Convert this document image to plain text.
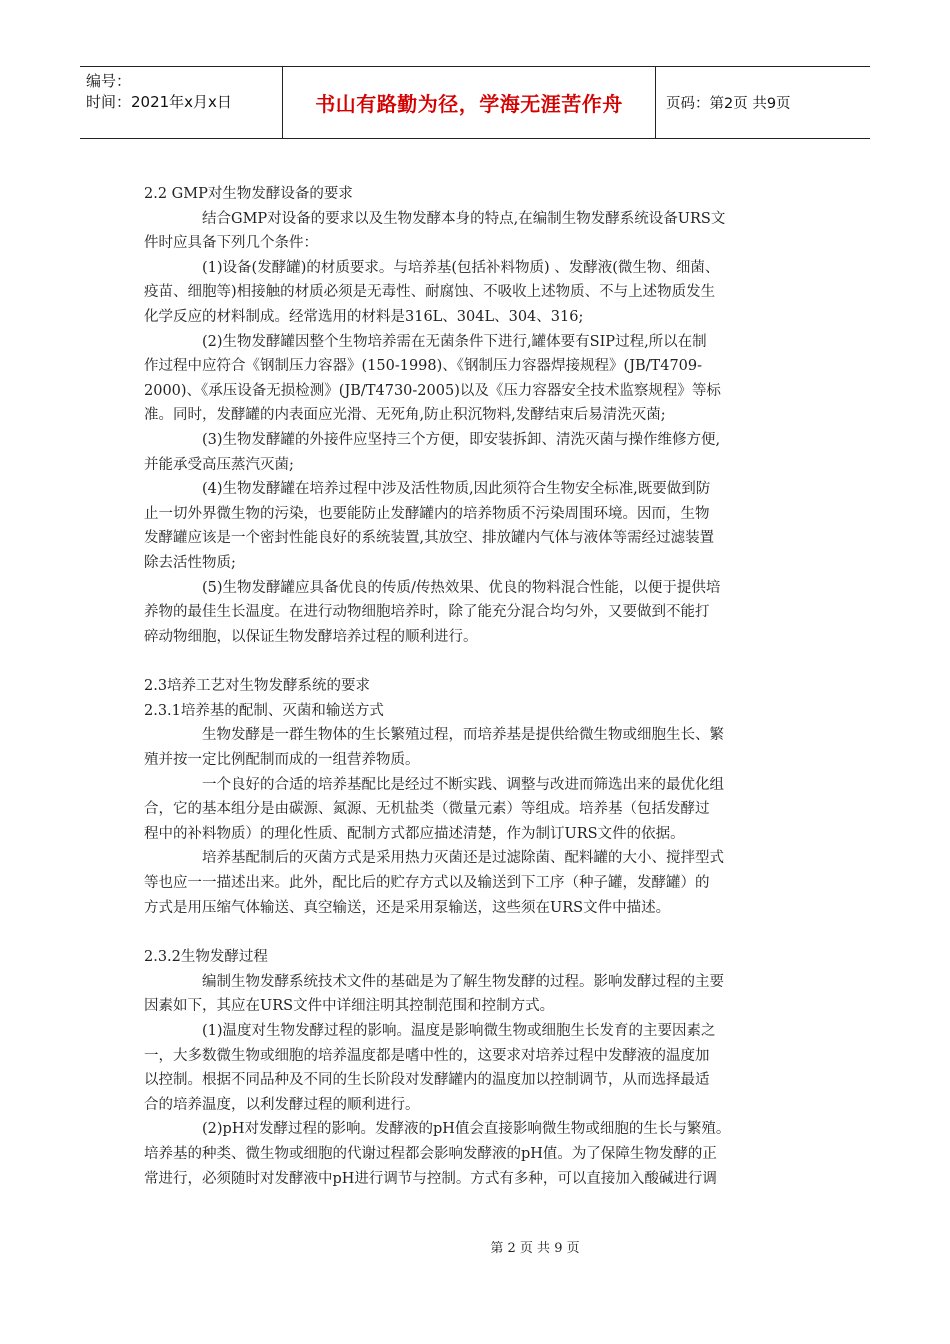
编号：
时间：2021年x月x日	书山有路勤为径，学海无涯苦作舟	页码：第2页 共9页
2.2 GMP对生物发酵设备的要求
结合GMP对设备的要求以及生物发酵本身的特点,在编制生物发酵系统设备URS文
件时应具备下列几个条件：
(1)设备(发酵罐)的材质要求。与培养基(包括补料物质) 、发酵液(微生物、细菌、
疫苗、细胞等)相接触的材质必须是无毒性、耐腐蚀、不吸收上述物质、不与上述物质发生
化学反应的材料制成。经常选用的材料是316L、304L、304、316;
(2)生物发酵罐因整个生物培养需在无菌条件下进行,罐体要有SIP过程,所以在制
作过程中应符合《钢制压力容器》(150-1998)、《钢制压力容器焊接规程》(JB/T4709-
2000)、《承压设备无损检测》(JB/T4730-2005)以及《压力容器安全技术监察规程》等标
准。同时，发酵罐的内表面应光滑、无死角,防止积沉物料,发酵结束后易清洗灭菌;
(3)生物发酵罐的外接件应坚持三个方便，即安装拆卸、清洗灭菌与操作维修方便,
并能承受高压蒸汽灭菌;
(4)生物发酵罐在培养过程中涉及活性物质,因此须符合生物安全标准,既要做到防
止一切外界微生物的污染，也要能防止发酵罐内的培养物质不污染周围环境。因而，生物
发酵罐应该是一个密封性能良好的系统装置,其放空、排放罐内气体与液体等需经过滤装置
除去活性物质;
(5)生物发酵罐应具备优良的传质/传热效果、优良的物料混合性能，以便于提供培
养物的最佳生长温度。在进行动物细胞培养时，除了能充分混合均匀外，又要做到不能打
碎动物细胞，以保证生物发酵培养过程的顺利进行。
2.3培养工艺对生物发酵系统的要求
2.3.1培养基的配制、灭菌和输送方式
生物发酵是一群生物体的生长繁殖过程，而培养基是提供给微生物或细胞生长、繁
殖并按一定比例配制而成的一组营养物质。
一个良好的合适的培养基配比是经过不断实践、调整与改进而筛选出来的最优化组
合，它的基本组分是由碳源、氮源、无机盐类（微量元素）等组成。培养基（包括发酵过
程中的补料物质）的理化性质、配制方式都应描述清楚，作为制订URS文件的依据。
培养基配制后的灭菌方式是采用热力灭菌还是过滤除菌、配料罐的大小、搅拌型式
等也应一一描述出来。此外，配比后的贮存方式以及输送到下工序（种子罐，发酵罐）的
方式是用压缩气体输送、真空输送，还是采用泵输送，这些须在URS文件中描述。
2.3.2生物发酵过程
编制生物发酵系统技术文件的基础是为了解生物发酵的过程。影响发酵过程的主要
因素如下，其应在URS文件中详细注明其控制范围和控制方式。
(1)温度对生物发酵过程的影响。温度是影响微生物或细胞生长发育的主要因素之
一，大多数微生物或细胞的培养温度都是嗜中性的，这要求对培养过程中发酵液的温度加
以控制。根据不同品种及不同的生长阶段对发酵罐内的温度加以控制调节，从而选择最适
合的培养温度，以利发酵过程的顺利进行。
(2)pH对发酵过程的影响。发酵液的pH值会直接影响微生物或细胞的生长与繁殖。
培养基的种类、微生物或细胞的代谢过程都会影响发酵液的pH值。为了保障生物发酵的正
常进行，必须随时对发酵液中pH进行调节与控制。方式有多种，可以直接加入酸碱进行调
第 2 页 共 9 页
